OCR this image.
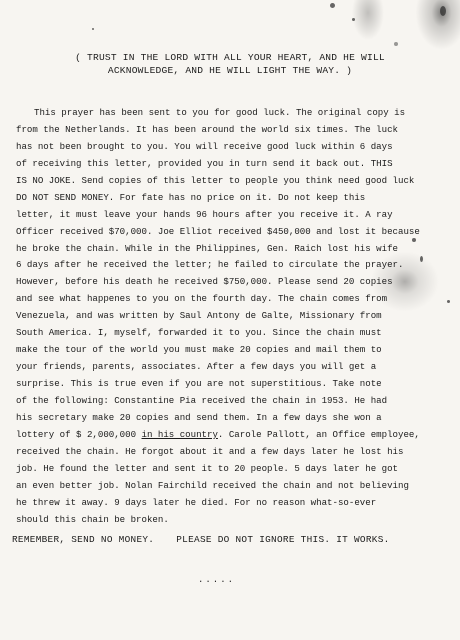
( TRUST IN THE LORD WITH ALL YOUR HEART, AND HE WILL
ACKNOWLEDGE, AND HE WILL LIGHT THE WAY. )
This prayer has been sent to you for good luck. The original copy is
from the Netherlands. It has been around the world six times. The luck
has not been brought to you. You will receive good luck within 6 days
of receiving this letter, provided you in turn send it back out. THIS
IS NO JOKE. Send copies of this letter to people you think need good luck
DO NOT SEND MONEY. For fate has no price on it. Do not keep this
letter, it must leave your hands 96 hours after you receive it. A ray
Officer received $70,000. Joe Elliot received $450,000 and lost it because
he broke the chain. While in the Philippines, Gen. Raich lost his wife
6 days after he received the letter; he failed to circulate the prayer.
However, before his death he received $750,000. Please send 20 copies
and see what happenes to you on the fourth day. The chain comes from
Venezuela, and was written by Saul Antony de Galte, Missionary from
South America. I, myself, forwarded it to you. Since the chain must
make the tour of the world you must make 20 copies and mail them to
your friends, parents, associates. After a few days you will get a
surprise. This is true even if you are not superstitious. Take note
of the following: Constantine Pia received the chain in 1953. He had
his secretary make 20 copies and send them. In a few days she won a
lottery of $ 2,000,000 in his country. Carole Pallott, an Office employee,
received the chain. He forgot about it and a few days later he lost his
job. He found the letter and sent it to 20 people. 5 days later he got
an even better job. Nolan Fairchild received the chain and not believing
he threw it away. 9 days later he died. For no reason what-so-ever
should this chain be broken.
REMEMBER, SEND NO MONEY. PLEASE DO NOT IGNORE THIS. IT WORKS.
.....
